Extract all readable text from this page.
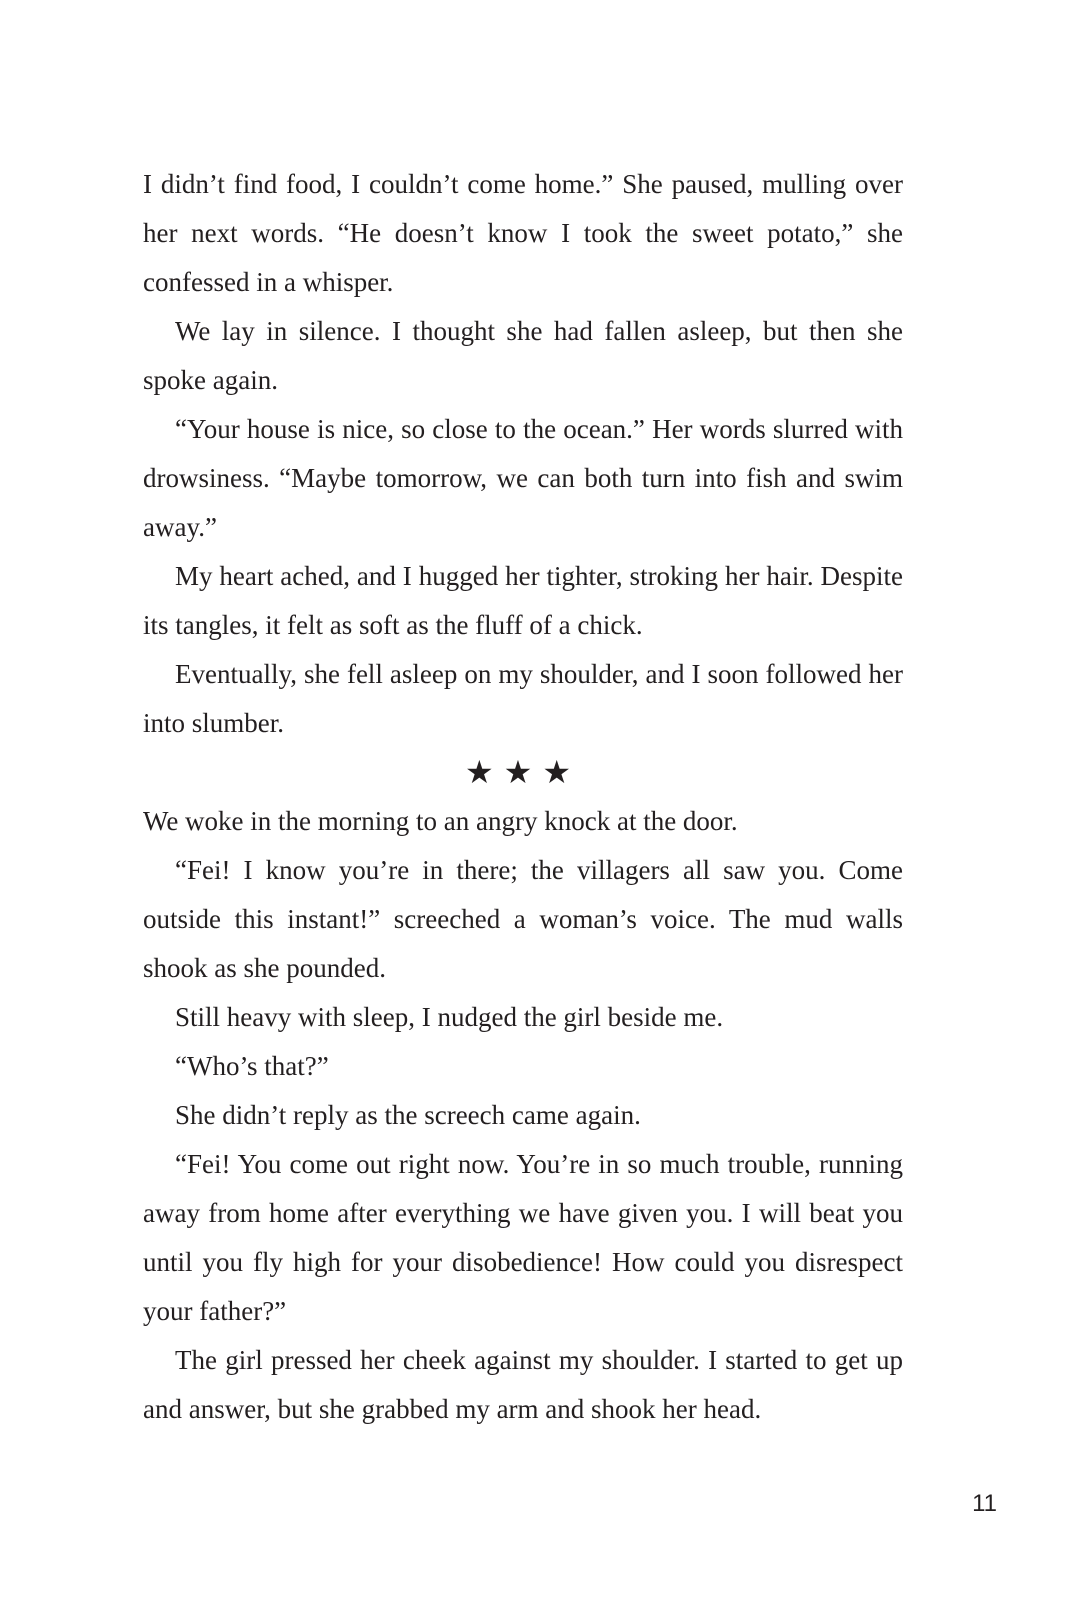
I didn’t find food, I couldn’t come home.” She paused, mulling over her next words. “He doesn’t know I took the sweet potato,” she confessed in a whisper.

We lay in silence. I thought she had fallen asleep, but then she spoke again.

“Your house is nice, so close to the ocean.” Her words slurred with drowsiness. “Maybe tomorrow, we can both turn into fish and swim away.”

My heart ached, and I hugged her tighter, stroking her hair. Despite its tangles, it felt as soft as the fluff of a chick.

Eventually, she fell asleep on my shoulder, and I soon followed her into slumber.

★★★

We woke in the morning to an angry knock at the door.

“Fei! I know you’re in there; the villagers all saw you. Come outside this instant!” screeched a woman’s voice. The mud walls shook as she pounded.

Still heavy with sleep, I nudged the girl beside me.

“Who’s that?”

She didn’t reply as the screech came again.

“Fei! You come out right now. You’re in so much trouble, running away from home after everything we have given you. I will beat you until you fly high for your disobedience! How could you disrespect your father?”

The girl pressed her cheek against my shoulder. I started to get up and answer, but she grabbed my arm and shook her head.

11
